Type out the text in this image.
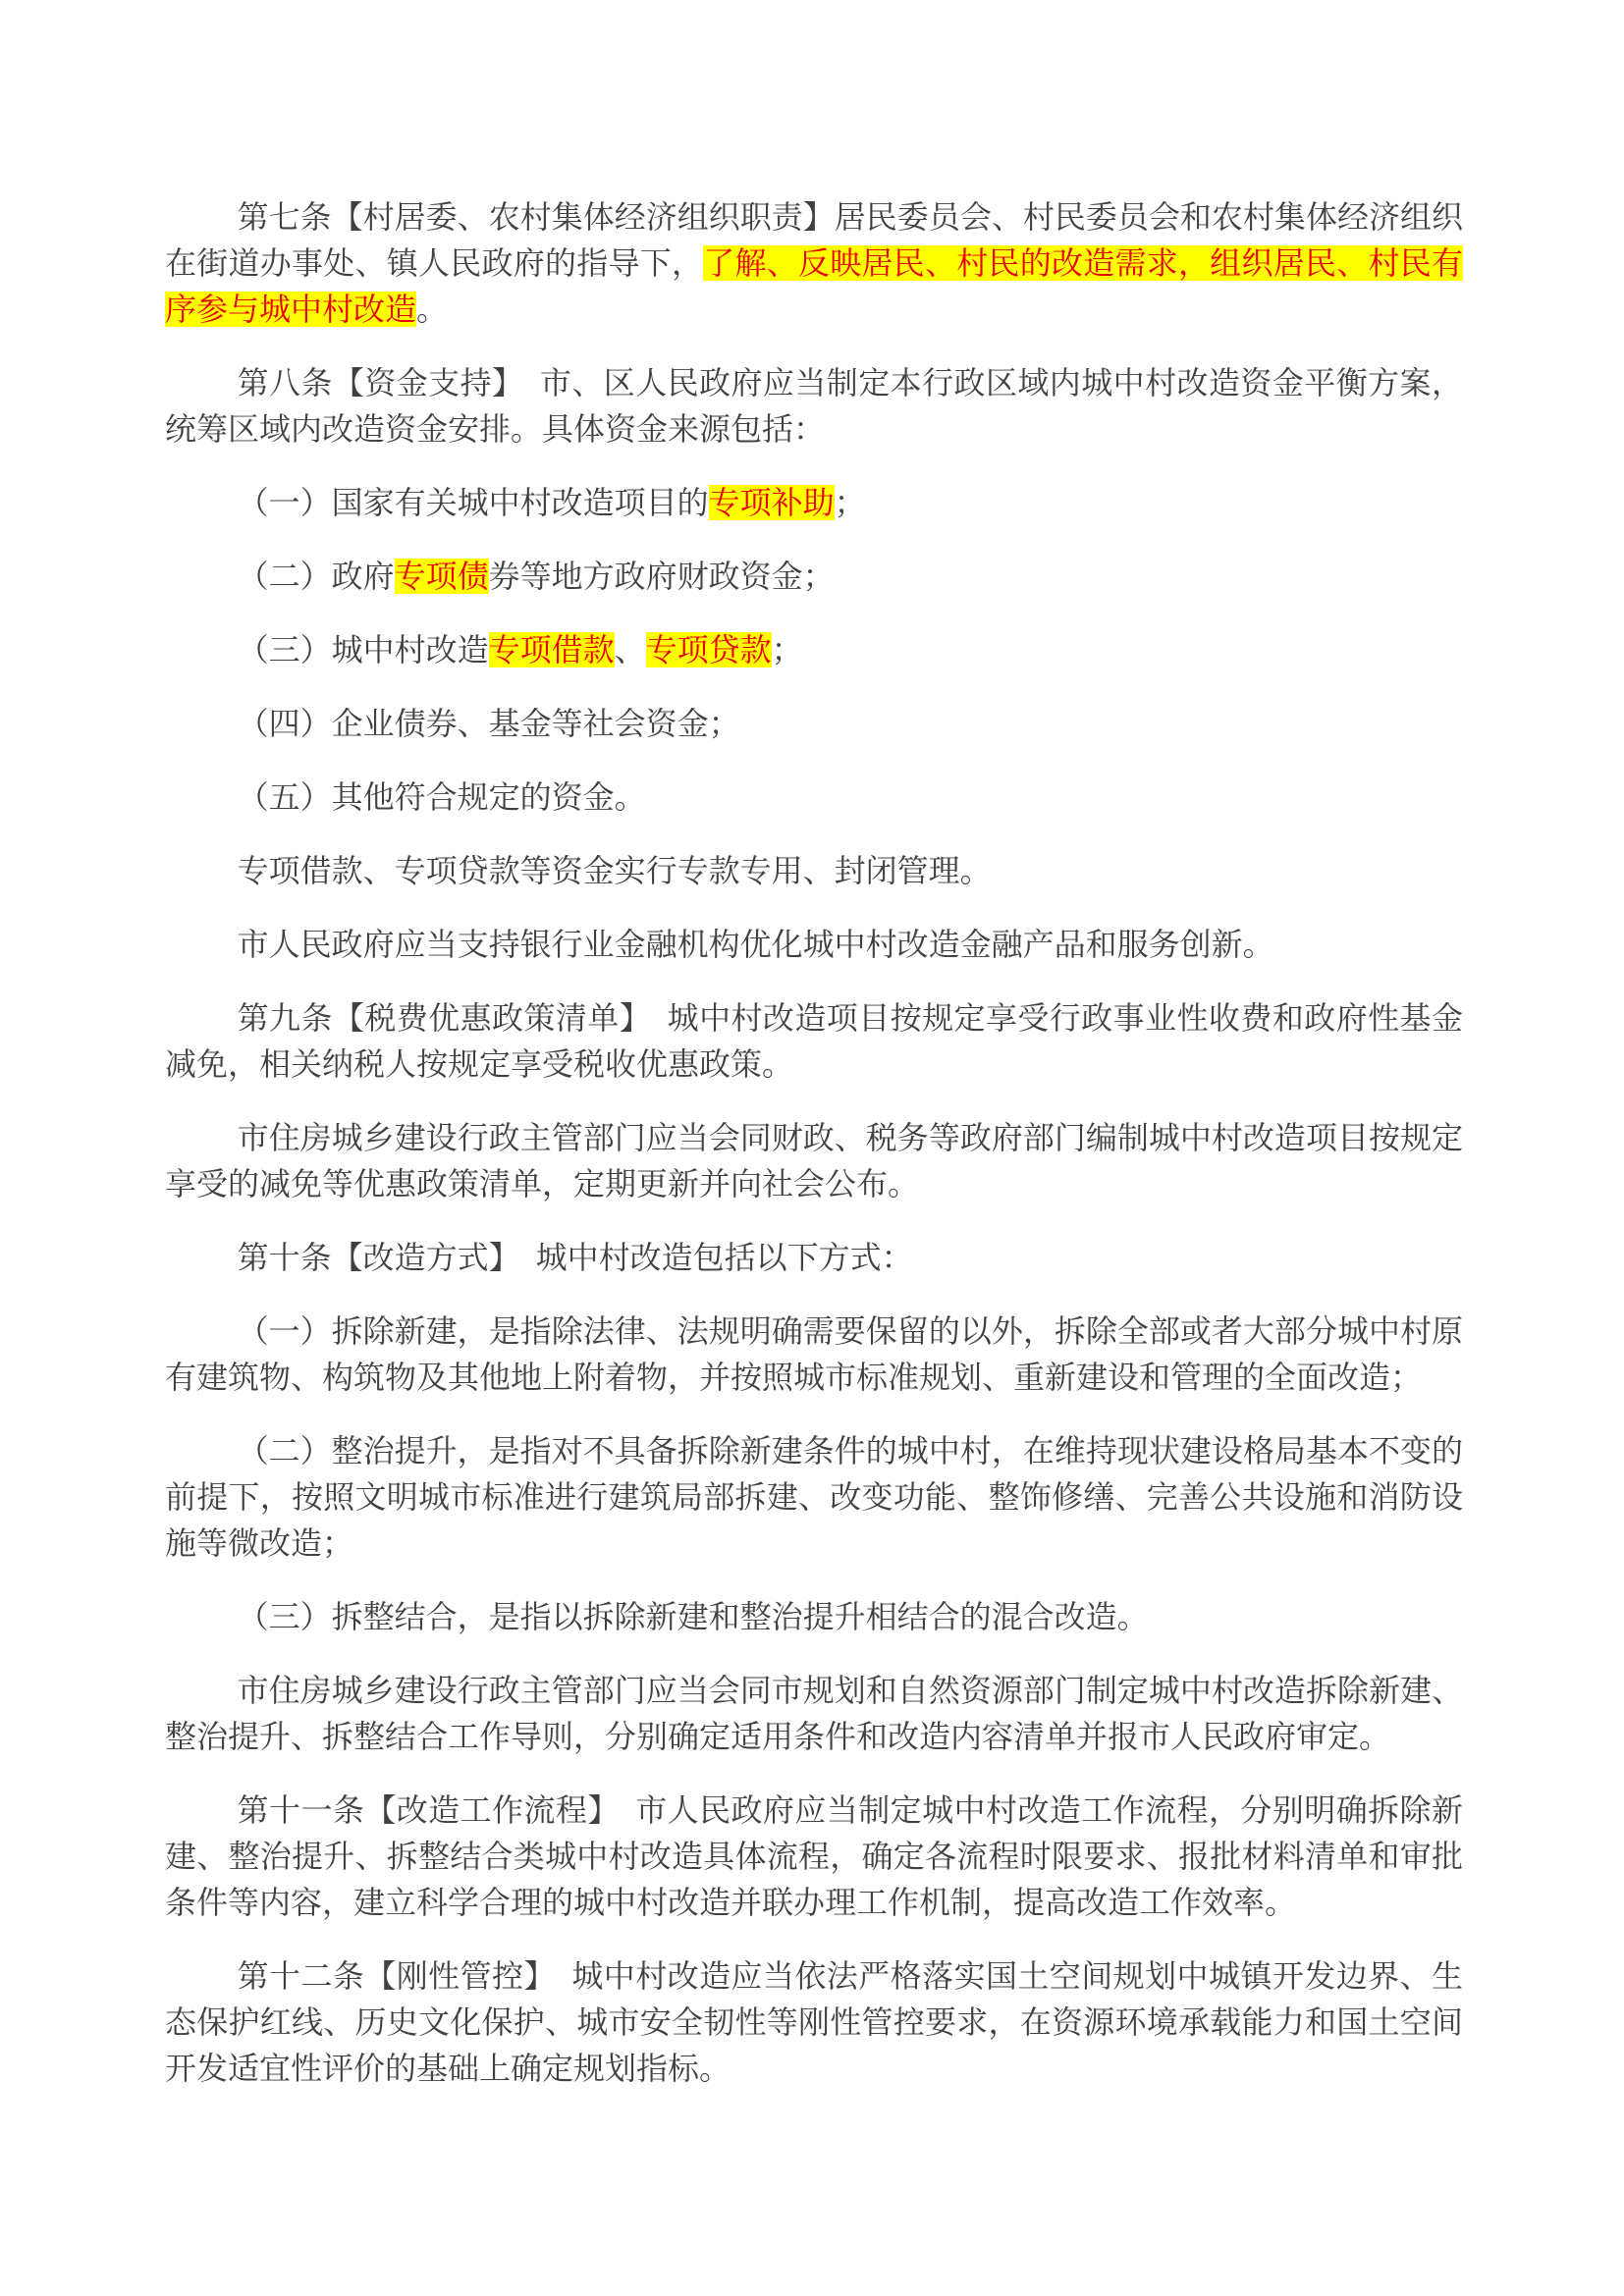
第七条【村居委、农村集体经济组织职责】居民委员会、村民委员会和农村集体经济组织在街道办事处、镇人民政府的指导下，了解、反映居民、村民的改造需求，组织居民、村民有序参与城中村改造。

第八条【资金支持】　市、区人民政府应当制定本行政区域内城中村改造资金平衡方案，统筹区域内改造资金安排。具体资金来源包括：

（一）国家有关城中村改造项目的专项补助；

（二）政府专项债券等地方政府财政资金；

（三）城中村改造专项借款、专项贷款；

（四）企业债券、基金等社会资金；

（五）其他符合规定的资金。

专项借款、专项贷款等资金实行专款专用、封闭管理。

市人民政府应当支持银行业金融机构优化城中村改造金融产品和服务创新。

第九条【税费优惠政策清单】　城中村改造项目按规定享受行政事业性收费和政府性基金减免，相关纳税人按规定享受税收优惠政策。

市住房城乡建设行政主管部门应当会同财政、税务等政府部门编制城中村改造项目按规定享受的减免等优惠政策清单，定期更新并向社会公布。

第十条【改造方式】　城中村改造包括以下方式：

（一）拆除新建，是指除法律、法规明确需要保留的以外，拆除全部或者大部分城中村原有建筑物、构筑物及其他地上附着物，并按照城市标准规划、重新建设和管理的全面改造；

（二）整治提升，是指对不具备拆除新建条件的城中村，在维持现状建设格局基本不变的前提下，按照文明城市标准进行建筑局部拆建、改变功能、整饰修缮、完善公共设施和消防设施等微改造；

（三）拆整结合，是指以拆除新建和整治提升相结合的混合改造。

市住房城乡建设行政主管部门应当会同市规划和自然资源部门制定城中村改造拆除新建、整治提升、拆整结合工作导则，分别确定适用条件和改造内容清单并报市人民政府审定。

第十一条【改造工作流程】　市人民政府应当制定城中村改造工作流程，分别明确拆除新建、整治提升、拆整结合类城中村改造具体流程，确定各流程时限要求、报批材料清单和审批条件等内容，建立科学合理的城中村改造并联办理工作机制，提高改造工作效率。

第十二条【刚性管控】　城中村改造应当依法严格落实国土空间规划中城镇开发边界、生态保护红线、历史文化保护、城市安全韧性等刚性管控要求，在资源环境承载能力和国土空间开发适宜性评价的基础上确定规划指标。
